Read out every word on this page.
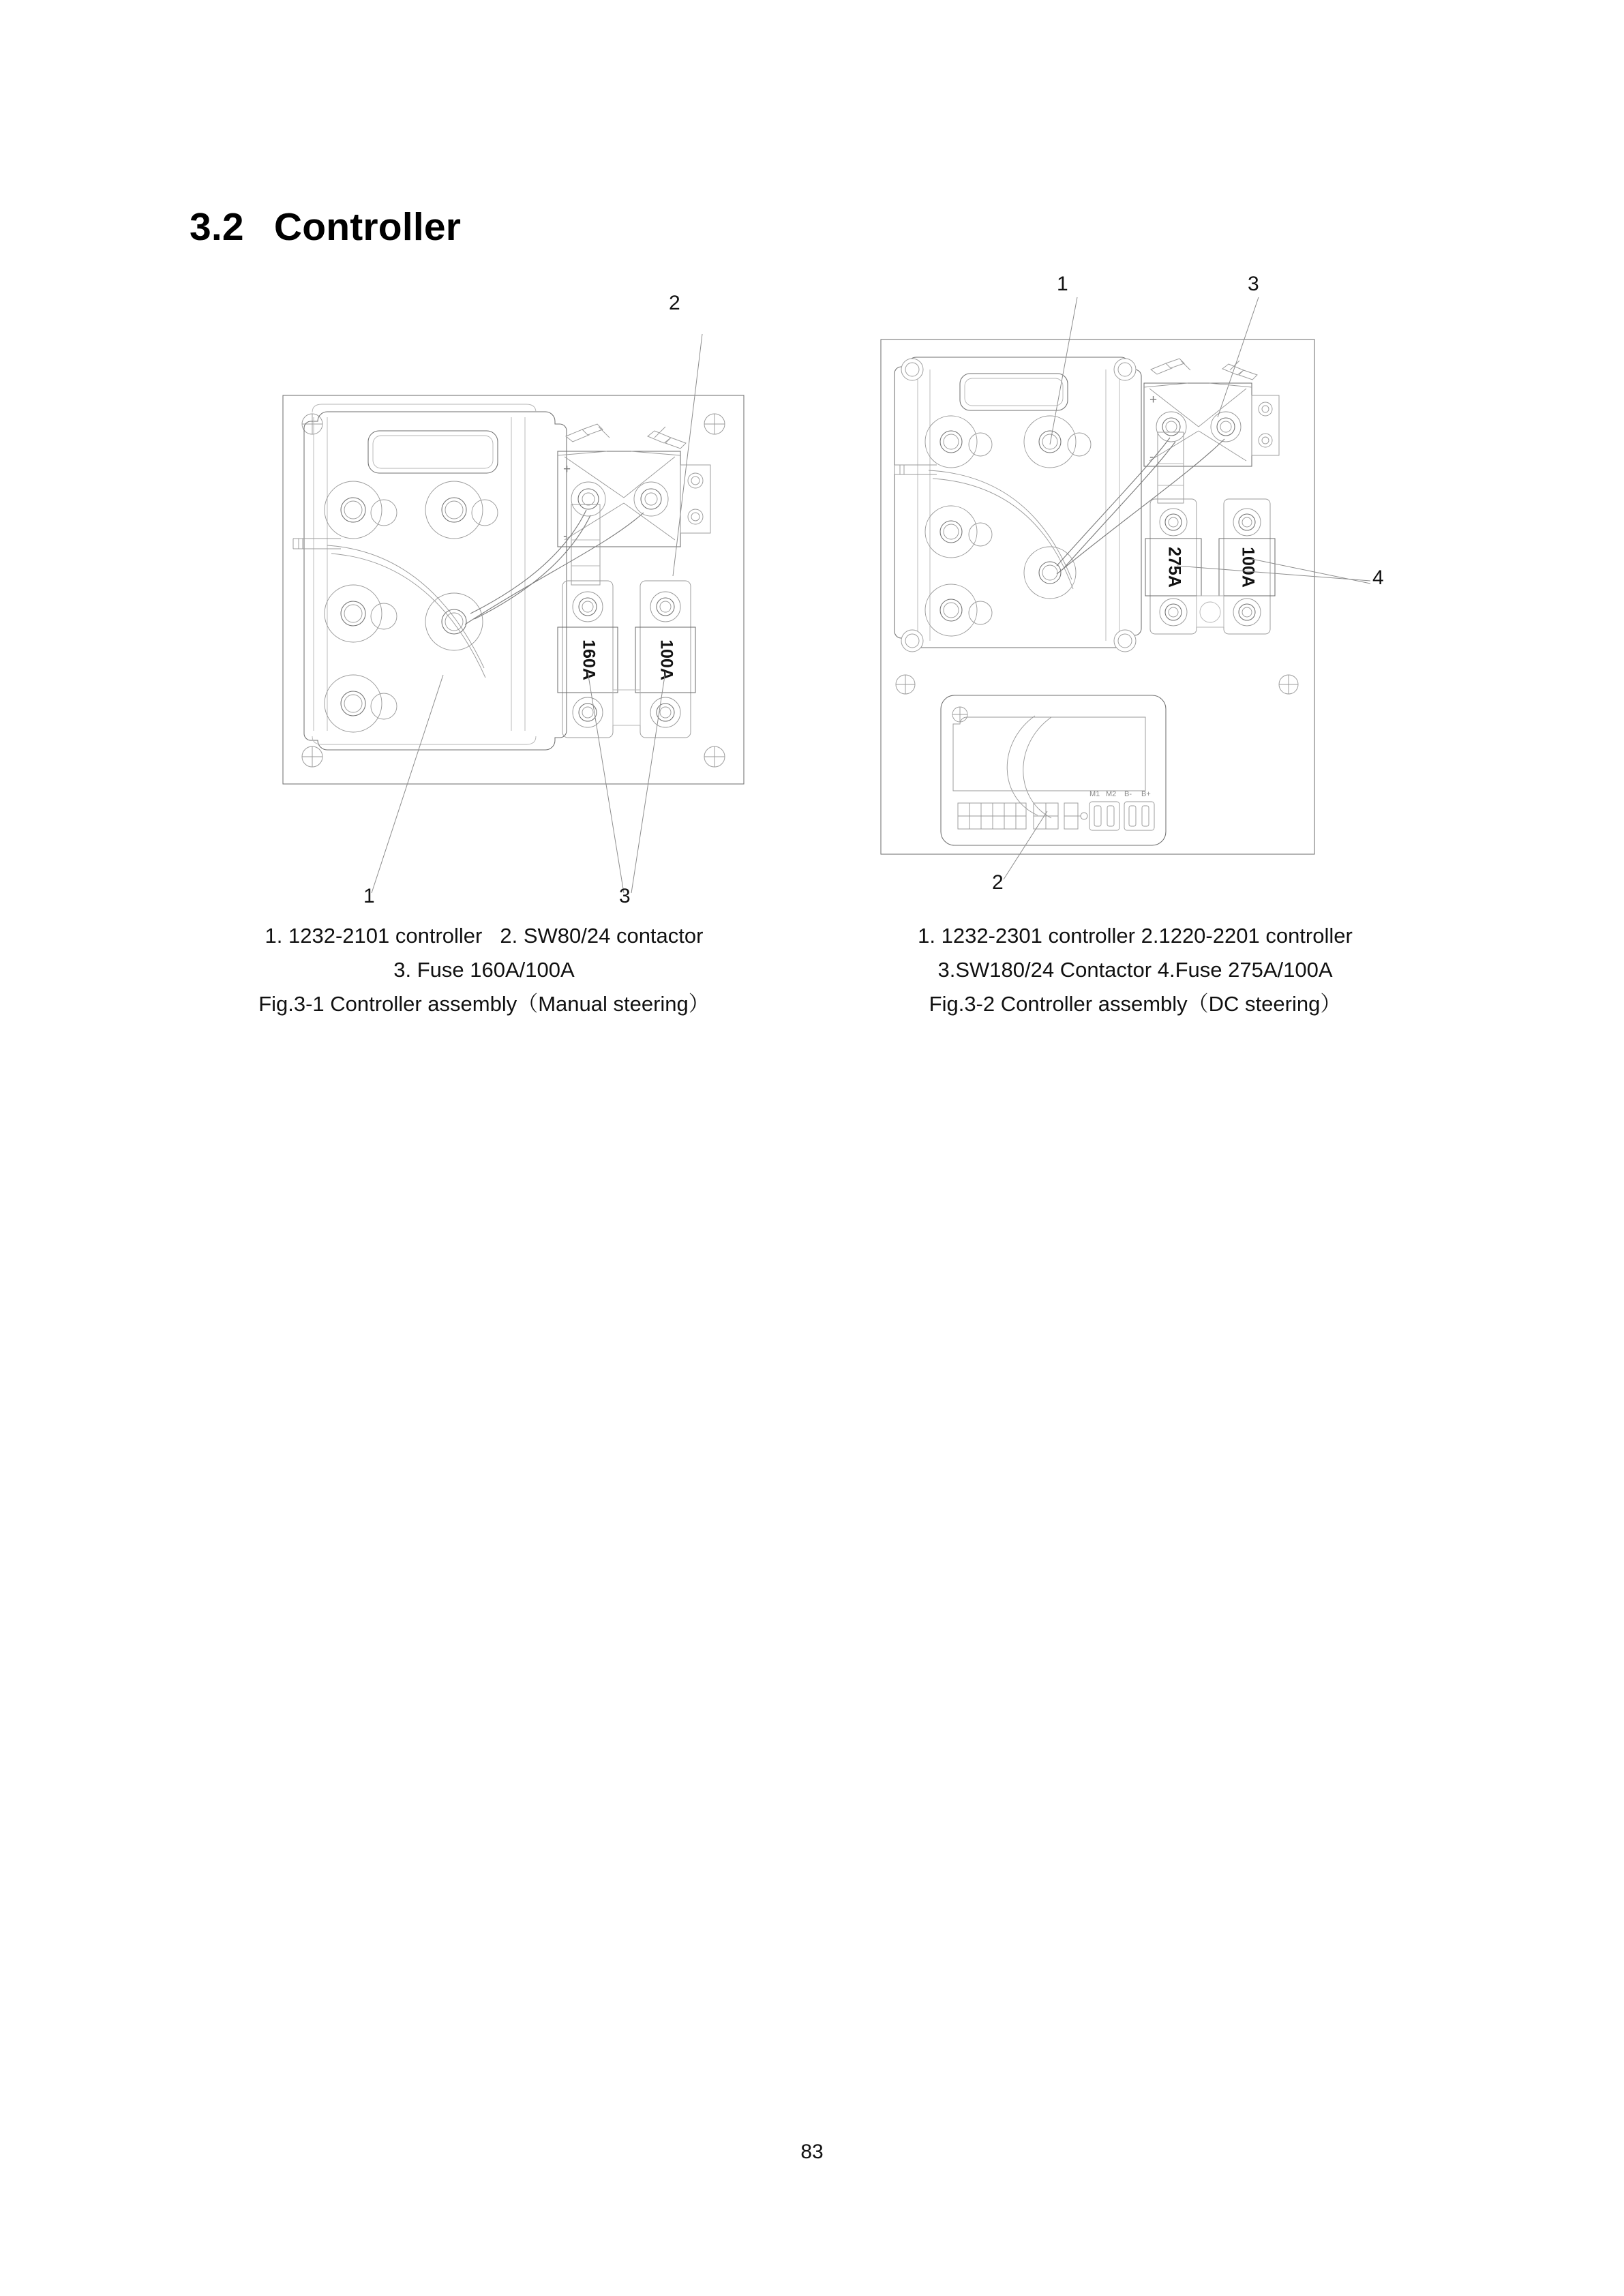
3.2 Controller
+
-
160A	100A
2
1	3
+
-
275A	100A
M1 M2 B- B+
1	3
4
2
1. 1232-2101 controller 2. SW80/24 contactor
3. Fuse 160A/100A
Fig.3-1 Controller assembly（Manual steering）
1. 1232-2301 controller 2.1220-2201 controller
3.SW180/24 Contactor 4.Fuse 275A/100A
Fig.3-2 Controller assembly（DC steering）
83
